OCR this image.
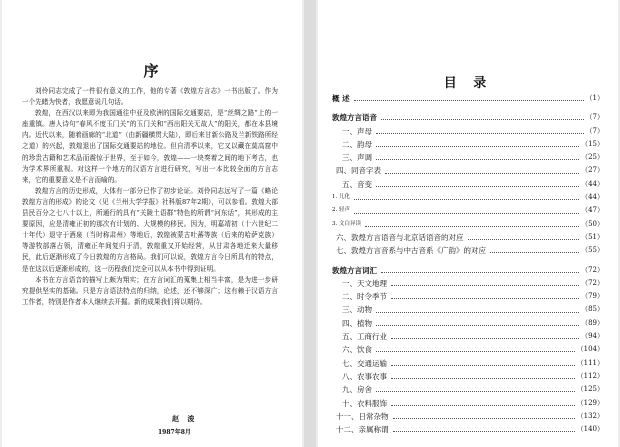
序

刘伶同志完成了一件很有意义的工作，他的专著《敦煌方言志》一书出版了。作为一个先睹为快者，我愿意说几句话。

敦煌，在西汉以来即为我国通往中亚及欧洲的国际交通要站，是“丝绸之路”上的一座重镇。唐人诗句“春风不度玉门关”的玉门关和“西出阳关无故人”的阳关，都在本县境内。近代以来，随着画廊的“北道”（由新疆横贯大陆），即后来甘新公路及兰新铁路所经之道）的兴起，敦煌退出了国际交通要站的地位。但自清季以来，它又以藏在莫高窟中的珍贵古籍和艺术品而震惊于世界，至于如今，敦煌——一块奏着之间的地下考古，也为学术界所重视。对这样一个地方的汉语方言进行研究，写出一本比较全面的方言志来，它的重要意义是不言而喻的。

敦煌方言的历史形成，大体有一部分已作了初步论证。刘伶同志远写了一篇《略论敦煌方言的形成》的论文（见《兰州大学学报》社科版87年2期），可以参看。敦煌大部县民百分之七八十以上，所通行的具有“关陇土语群”特色的所谓“河东话”，其形成的主要原因，应是清雍正初的那次有计划的、大规模的移民。因为，明嘉靖初（十六世纪二十年代）退守于酒泉（当时称肃州）等地后，敦煌被蒙古吐蕃等族（后来的哈萨克族）等游牧部落占领，清雍正年间复归于清，敦煌重又开始经营，从甘肃各地迁来大量移民，此后逐渐形成了今日敦煌的方言格局。我们可以说，敦煌方言今日所具有的特点，是在这以后逐渐形成的，这一历程我们完全可以从本书中得到证明。

本书在方言语音的描写上颇为翔实；在方言词汇的蒐集上相当丰富，是为进一步研究提供坚实的基础。只是方言语法特点的归纳，论述，还不够深广；这有赖于汉语方言工作者，特别是作者本人继续去开掘。新的成果我们将以期待。

赵 浚
1987年8月
目 录
概 述	（1）
敦煌方言语音	（7）
一、声母	（7）
二、韵母	（15）
三、声调	（25）
四、同音字表	（27）
五、音变	（44）
1. 儿化	（44）
2. 轻声	（47）
3. 文白异读	（50）
六、敦煌方言语音与北京话语音的对应	（51）
七、敦煌方言音系与中古音系《广韵》的对应	（55）
敦煌方言词汇	（72）
一、天文地理	（72）
二、时令季节	（79）
三、动物	（85）
四、植物	（89）
五、工商行业	（94）
六、饮食	（104）
七、交通运输	（111）
八、农事农事	（112）
九、房舍	（125）
十、衣料服饰	（129）
十一、日常杂物	（132）
十二、亲属称谓	（140）
